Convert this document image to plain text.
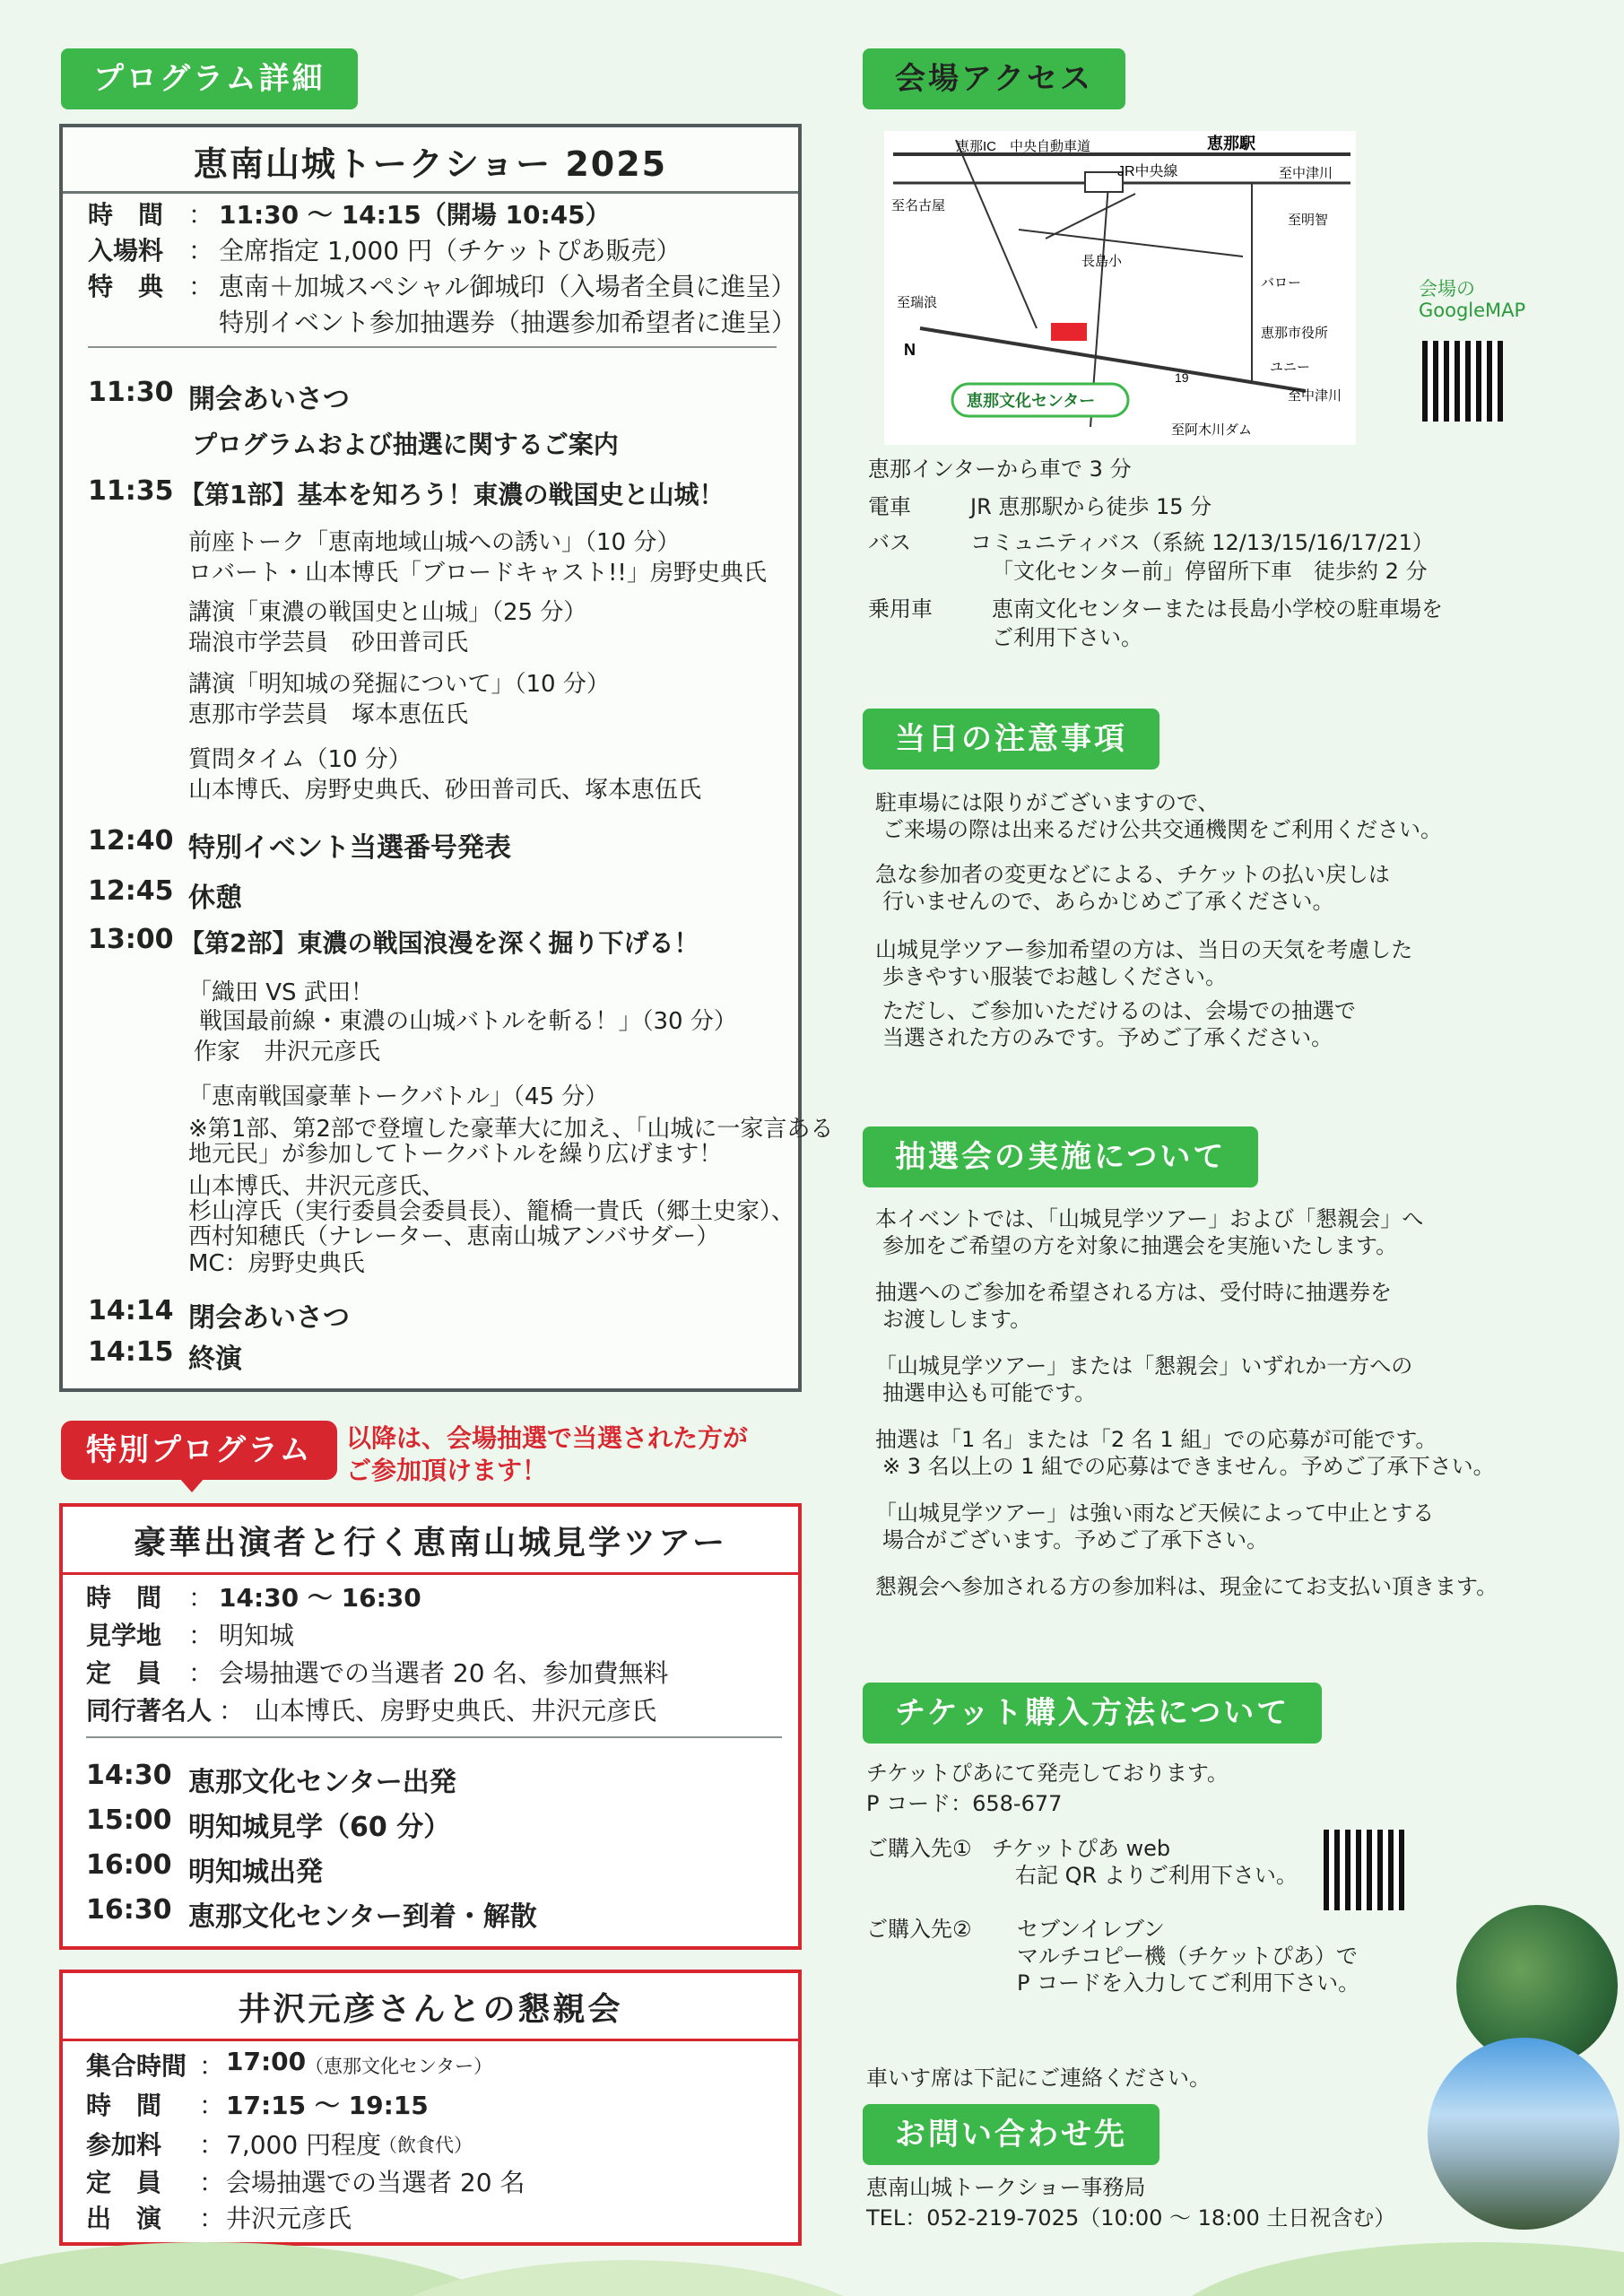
プログラム詳細
恵南山城トークショー 2025
時　間 ： 11:30 〜 14:15（開場 10:45）
入場料 ： 全席指定 1,000 円（チケットぴあ販売）
特　典 ： 恵南＋加城スペシャル御城印（入場者全員に進呈）
特別イベント参加抽選券（抽選参加希望者に進呈）
11:30 開会あいさつ
プログラムおよび抽選に関するご案内
11:35 【第1部】基本を知ろう！東濃の戦国史と山城！
前座トーク「恵南地域山城への誘い」（10 分）
ロバート・山本博氏「ブロードキャスト!!」房野史典氏
講演「東濃の戦国史と山城」（25 分）
瑞浪市学芸員　砂田普司氏
講演「明知城の発掘について」（10 分）
恵那市学芸員　塚本恵伍氏
質問タイム（10 分）
山本博氏、房野史典氏、砂田普司氏、塚本恵伍氏
12:40 特別イベント当選番号発表
12:45 休憩
13:00 【第2部】東濃の戦国浪漫を深く掘り下げる！
「織田 VS 武田！
戦国最前線・東濃の山城バトルを斬る！」（30 分）
作家　井沢元彦氏
「恵南戦国豪華トークバトル」（45 分）
※第1部、第2部で登壇した豪華大に加え、「山城に一家言ある
地元民」が参加してトークバトルを繰り広げます！
山本博氏、井沢元彦氏、
杉山淳氏（実行委員会委員長）、籠橋一貴氏（郷土史家）、
西村知穂氏（ナレーター、恵南山城アンバサダー）
MC：房野史典氏
14:14 閉会あいさつ
14:15 終演
特別プログラム	以降は、会場抽選で当選された方が
ご参加頂けます！
豪華出演者と行く恵南山城見学ツアー
時　間 ： 14:30 〜 16:30
見学地 ： 明知城
定　員 ： 会場抽選での当選者 20 名、参加費無料
同行著名人 ： 山本博氏、房野史典氏、井沢元彦氏
14:30 恵那文化センター出発
15:00 明知城見学（60 分）
16:00 明知城出発
16:30 恵那文化センター到着・解散
井沢元彦さんとの懇親会
集合時間 ： 17:00
（恵那文化センター）
時　間 ： 17:15 〜 19:15
参加料 ： 7,000 円程度
（飲食代）
定　員 ： 会場抽選での当選者 20 名
出　演 ： 井沢元彦氏
会場アクセス
恵那IC 中央自動車道	恵那駅
JR中央線
至名古屋
至中津川
至明智
長島小
至瑞浪
バロー
恵那市役所
ユニー
至中津川
19
至阿木川ダム
N
恵那文化センター
会場の
GoogleMAP
恵那インターから車で 3 分
電車	JR 恵那駅から徒歩 15 分
バス	コミュニティバス（系統 12/13/15/16/17/21）
「文化センター前」停留所下車　徒歩約 2 分
乗用車	恵南文化センターまたは長島小学校の駐車場を
ご利用下さい。
当日の注意事項
駐車場には限りがございますので、
ご来場の際は出来るだけ公共交通機関をご利用ください。
急な参加者の変更などによる、チケットの払い戻しは
行いませんので、あらかじめご了承ください。
山城見学ツアー参加希望の方は、当日の天気を考慮した
歩きやすい服装でお越しください。
ただし、ご参加いただけるのは、会場での抽選で
当選された方のみです。予めご了承ください。
抽選会の実施について
本イベントでは、「山城見学ツアー」および「懇親会」へ
参加をご希望の方を対象に抽選会を実施いたします。
抽選へのご参加を希望される方は、受付時に抽選券を
お渡しします。
「山城見学ツアー」または「懇親会」いずれか一方への
抽選申込も可能です。
抽選は「1 名」または「2 名 1 組」での応募が可能です。
※ 3 名以上の 1 組での応募はできません。予めご了承下さい。
「山城見学ツアー」は強い雨など天候によって中止とする
場合がございます。予めご了承下さい。
懇親会へ参加される方の参加料は、現金にてお支払い頂きます。
チケット購入方法について
チケットぴあにて発売しております。
P コード：658-677
ご購入先① チケットぴあ web
右記 QR よりご利用下さい。
ご購入先② セブンイレブン
マルチコピー機（チケットぴあ）で
P コードを入力してご利用下さい。
車いす席は下記にご連絡ください。
お問い合わせ先
恵南山城トークショー事務局
TEL：052-219-7025（10:00 〜 18:00 土日祝含む）
